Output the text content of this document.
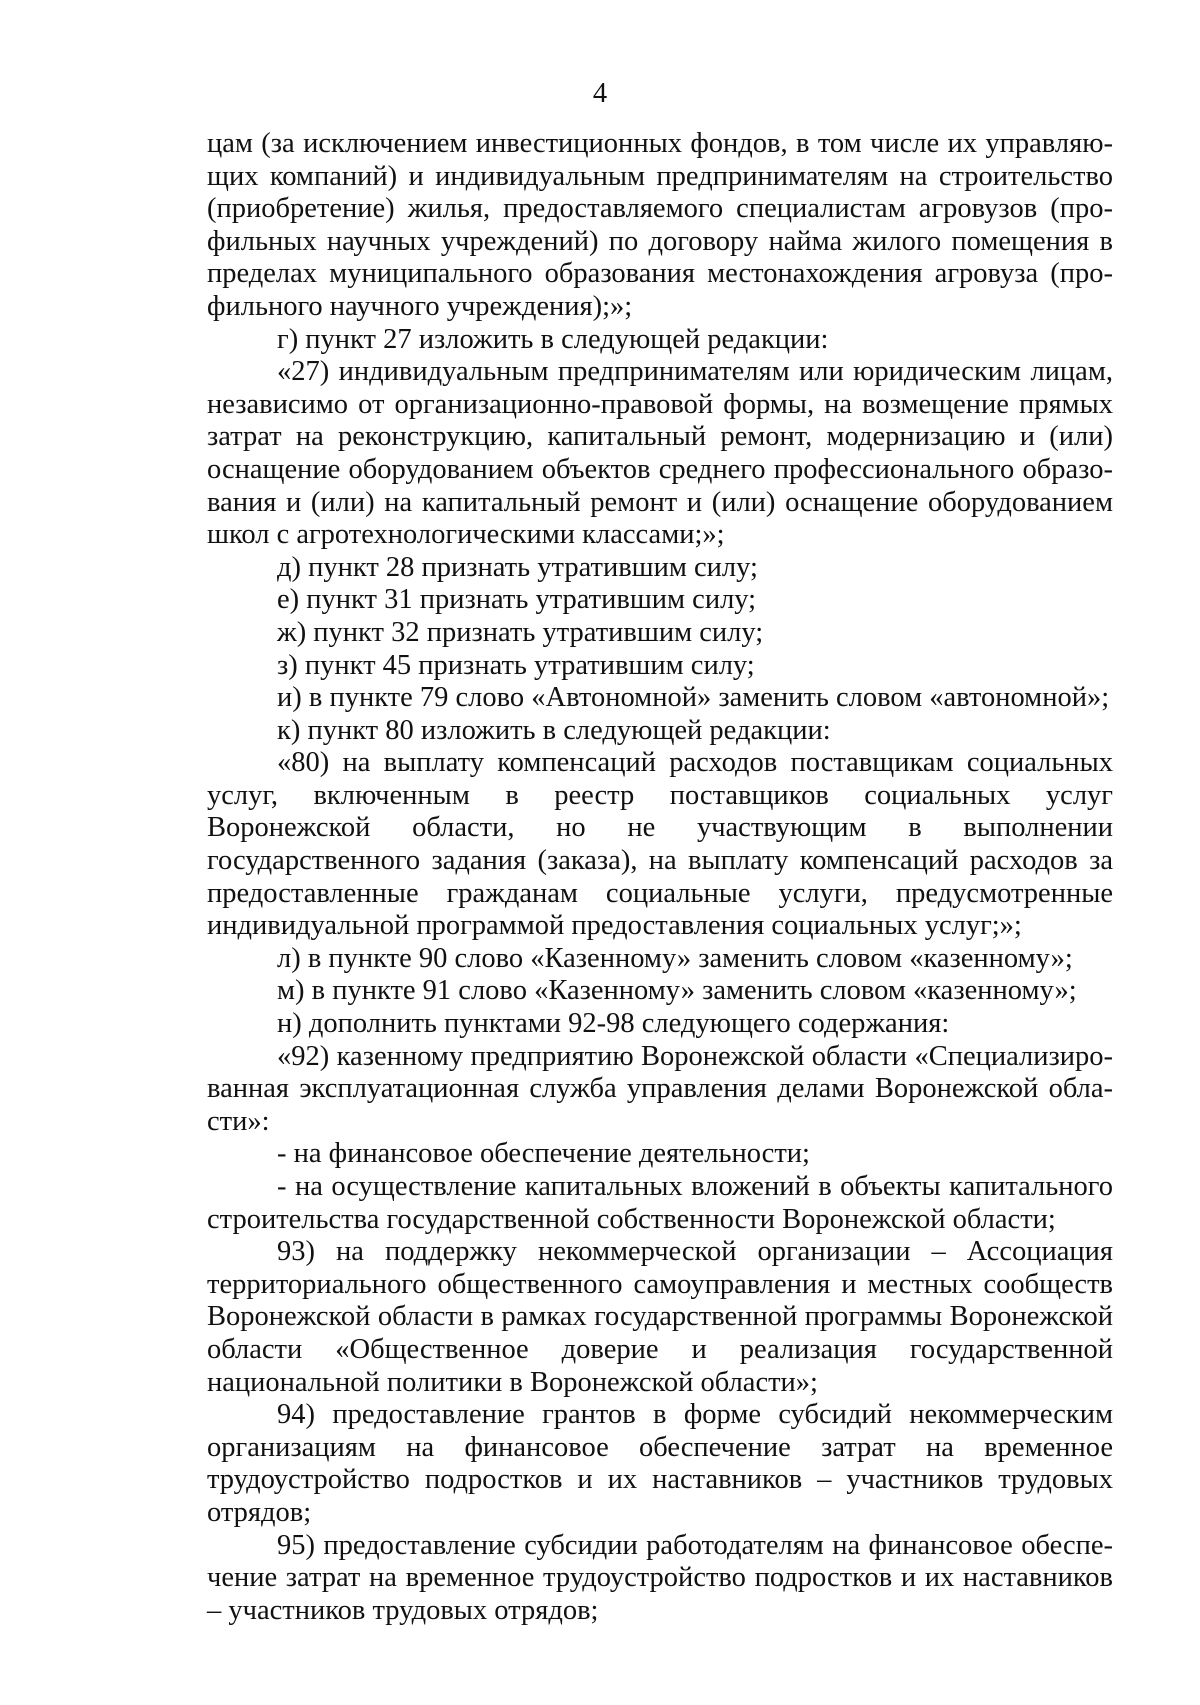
4

цам (за исключением инвестиционных фондов, в том числе их управляющих компаний) и индивидуальным предпринимателям на строительство (приобретение) жилья, предоставляемого специалистам агровузов (профильных научных учреждений) по договору найма жилого помещения в пределах муниципального образования местонахождения агровуза (профильного научного учреждения);»;

г) пункт 27 изложить в следующей редакции:

«27) индивидуальным предпринимателям или юридическим лицам, независимо от организационно-правовой формы, на возмещение прямых затрат на реконструкцию, капитальный ремонт, модернизацию и (или) оснащение оборудованием объектов среднего профессионального образования и (или) на капитальный ремонт и (или) оснащение оборудованием школ с агротехнологическими классами;»;

д) пункт 28 признать утратившим силу;

е) пункт 31 признать утратившим силу;

ж) пункт 32 признать утратившим силу;

з) пункт 45 признать утратившим силу;

и) в пункте 79 слово «Автономной» заменить словом «автономной»;

к) пункт 80 изложить в следующей редакции:

«80) на выплату компенсаций расходов поставщикам социальных услуг, включенным в реестр поставщиков социальных услуг Воронежской области, но не участвующим в выполнении государственного задания (заказа), на выплату компенсаций расходов за предоставленные гражданам социальные услуги, предусмотренные индивидуальной программой предоставления социальных услуг;»;

л) в пункте 90 слово «Казенному» заменить словом «казенному»;

м) в пункте 91 слово «Казенному» заменить словом «казенному»;

н) дополнить пунктами 92-98 следующего содержания:

«92) казенному предприятию Воронежской области «Специализированная эксплуатационная служба управления делами Воронежской области»:

- на финансовое обеспечение деятельности;

- на осуществление капитальных вложений в объекты капитального строительства государственной собственности Воронежской области;

93) на поддержку некоммерческой организации – Ассоциация территориального общественного самоуправления и местных сообществ Воронежской области в рамках государственной программы Воронежской области «Общественное доверие и реализация государственной национальной политики в Воронежской области»;

94) предоставление грантов в форме субсидий некоммерческим организациям на финансовое обеспечение затрат на временное трудоустройство подростков и их наставников – участников трудовых отрядов;

95) предоставление субсидии работодателям на финансовое обеспечение затрат на временное трудоустройство подростков и их наставников – участников трудовых отрядов;
